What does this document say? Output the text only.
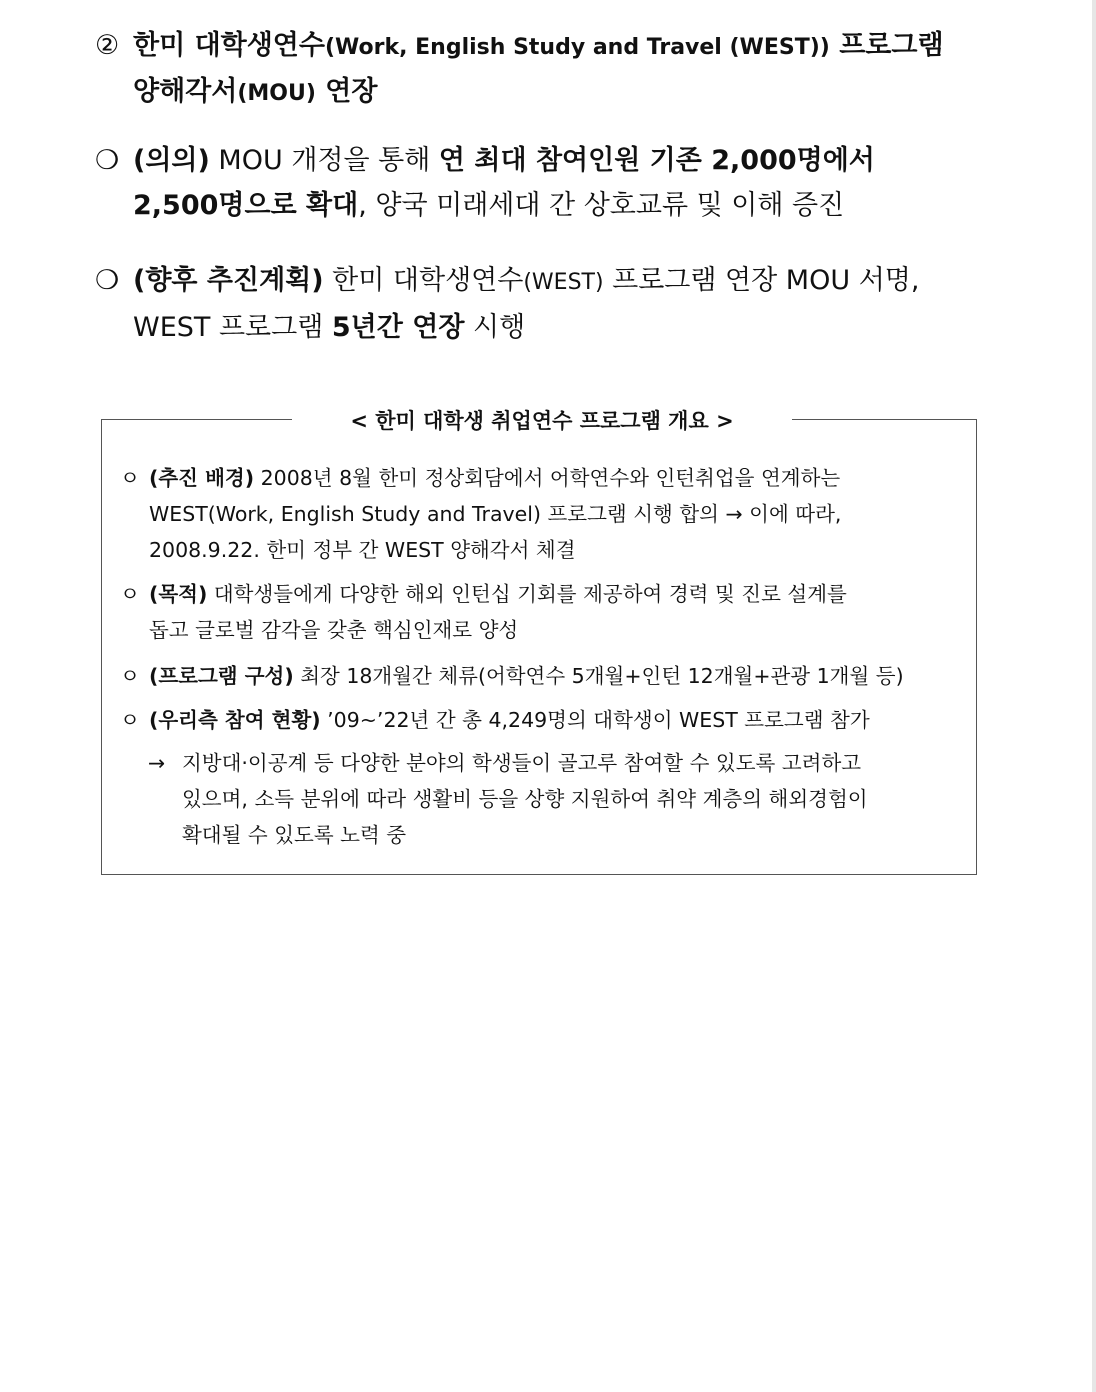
② 한미 대학생연수(Work, English Study and Travel (WEST)) 프로그램
양해각서(MOU) 연장
❍ (의의) MOU 개정을 통해 연 최대 참여인원 기존 2,000명에서
2,500명으로 확대, 양국 미래세대 간 상호교류 및 이해 증진
❍ (향후 추진계획) 한미 대학생연수(WEST) 프로그램 연장 MOU 서명,
WEST 프로그램 5년간 연장 시행
< 한미 대학생 취업연수 프로그램 개요 >
ㅇ (추진 배경) 2008년 8월 한미 정상회담에서 어학연수와 인턴취업을 연계하는
WEST(Work, English Study and Travel) 프로그램 시행 합의 → 이에 따라,
2008.9.22. 한미 정부 간 WEST 양해각서 체결
ㅇ (목적) 대학생들에게 다양한 해외 인턴십 기회를 제공하여 경력 및 진로 설계를
돕고 글로벌 감각을 갖춘 핵심인재로 양성
ㅇ (프로그램 구성) 최장 18개월간 체류(어학연수 5개월+인턴 12개월+관광 1개월 등)
ㅇ (우리측 참여 현황) ’09~’22년 간 총 4,249명의 대학생이 WEST 프로그램 참가
→ 지방대·이공계 등 다양한 분야의 학생들이 골고루 참여할 수 있도록 고려하고
있으며, 소득 분위에 따라 생활비 등을 상향 지원하여 취약 계층의 해외경험이
확대될 수 있도록 노력 중
